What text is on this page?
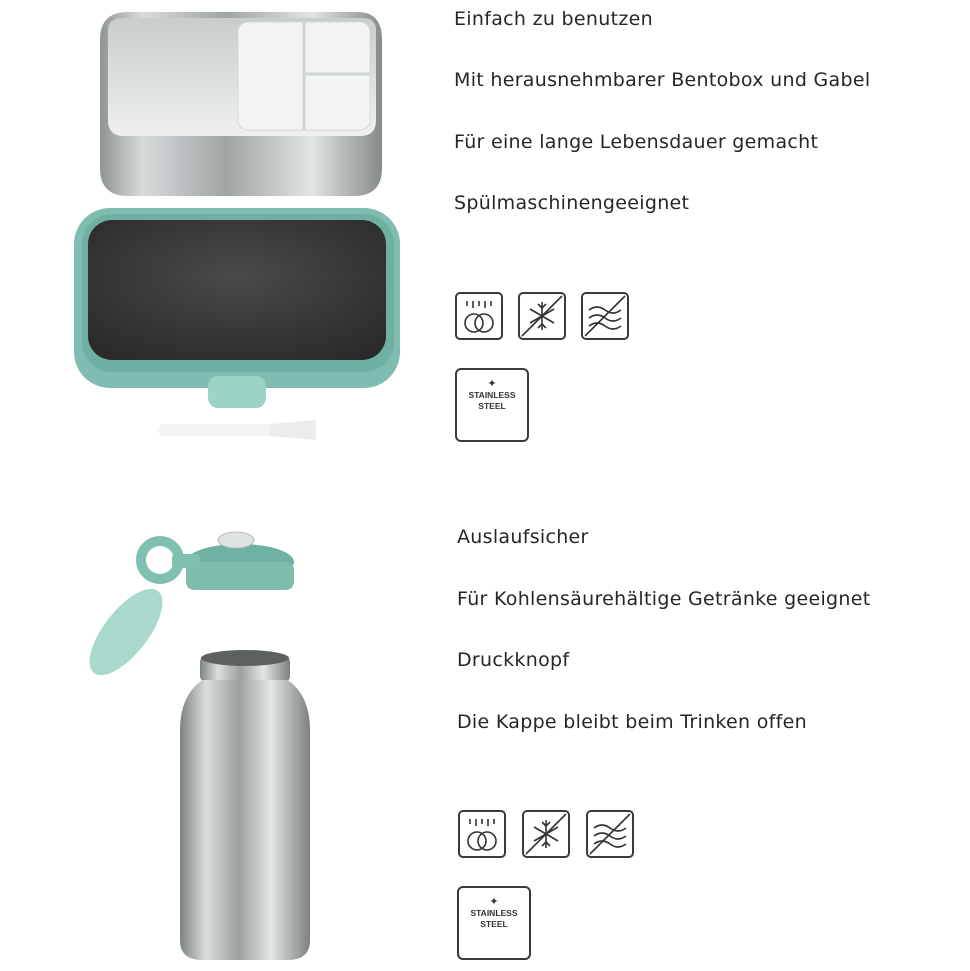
Einfach zu benutzen
Mit herausnehmbarer Bentobox und Gabel
Für eine lange Lebensdauer gemacht
Spülmaschinengeeignet
✦
STAINLESS
STEEL
Auslaufsicher
Für Kohlensäurehältige Getränke geeignet
Druckknopf
Die Kappe bleibt beim Trinken offen
✦
STAINLESS
STEEL
